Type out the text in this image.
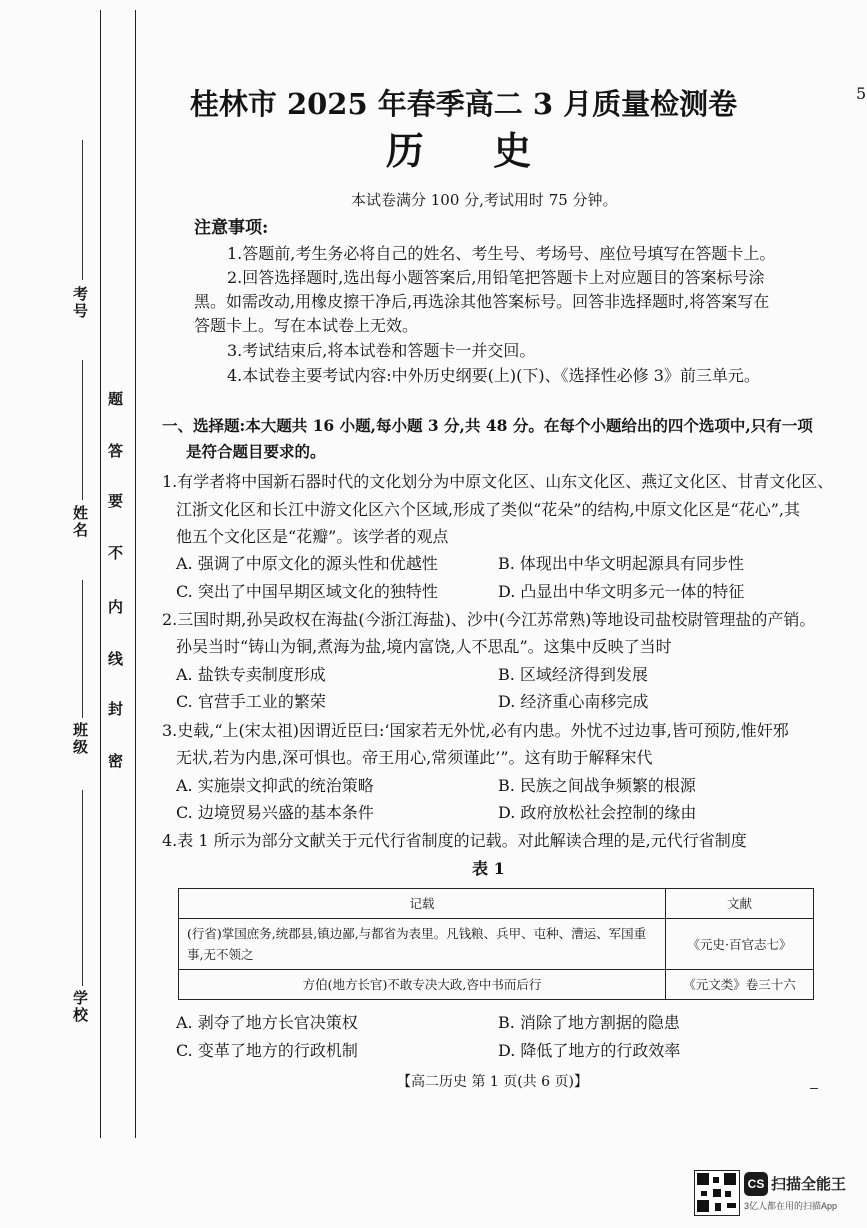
5
考号
姓名
班级
学校
题
答
要
不
内
线
封
密
桂林市 2025 年春季高二 3 月质量检测卷
历 史
本试卷满分 100 分,考试用时 75 分钟。
注意事项:
1.答题前,考生务必将自己的姓名、考生号、考场号、座位号填写在答题卡上。
2.回答选择题时,选出每小题答案后,用铅笔把答题卡上对应题目的答案标号涂
黑。如需改动,用橡皮擦干净后,再选涂其他答案标号。回答非选择题时,将答案写在
答题卡上。写在本试卷上无效。
3.考试结束后,将本试卷和答题卡一并交回。
4.本试卷主要考试内容:中外历史纲要(上)(下)、《选择性必修 3》前三单元。
一、选择题:本大题共 16 小题,每小题 3 分,共 48 分。在每个小题给出的四个选项中,只有一项
是符合题目要求的。
1.有学者将中国新石器时代的文化划分为中原文化区、山东文化区、燕辽文化区、甘青文化区、
江浙文化区和长江中游文化区六个区域,形成了类似“花朵”的结构,中原文化区是“花心”,其
他五个文化区是“花瓣”。该学者的观点
A. 强调了中原文化的源头性和优越性	B. 体现出中华文明起源具有同步性
C. 突出了中国早期区域文化的独特性	D. 凸显出中华文明多元一体的特征
2.三国时期,孙吴政权在海盐(今浙江海盐)、沙中(今江苏常熟)等地设司盐校尉管理盐的产销。
孙吴当时“铸山为铜,煮海为盐,境内富饶,人不思乱”。这集中反映了当时
A. 盐铁专卖制度形成	B. 区域经济得到发展
C. 官营手工业的繁荣	D. 经济重心南移完成
3.史载,“上(宋太祖)因谓近臣曰:‘国家若无外忧,必有内患。外忧不过边事,皆可预防,惟奸邪
无状,若为内患,深可惧也。帝王用心,常须谨此’”。这有助于解释宋代
A. 实施崇文抑武的统治策略	B. 民族之间战争频繁的根源
C. 边境贸易兴盛的基本条件	D. 政府放松社会控制的缘由
4.表 1 所示为部分文献关于元代行省制度的记载。对此解读合理的是,元代行省制度
表 1
记载	文献
(行省)掌国庶务,统郡县,镇边鄙,与都省为表里。凡钱粮、兵甲、屯种、漕运、军国重事,无不领之	《元史·百官志七》
方伯(地方长官)不敢专决大政,咨中书而后行	《元文类》卷三十六
A. 剥夺了地方长官决策权	B. 消除了地方割据的隐患
C. 变革了地方的行政机制	D. 降低了地方的行政效率
【高二历史 第 1 页(共 6 页)】
CS 扫描全能王
3亿人都在用的扫描App
